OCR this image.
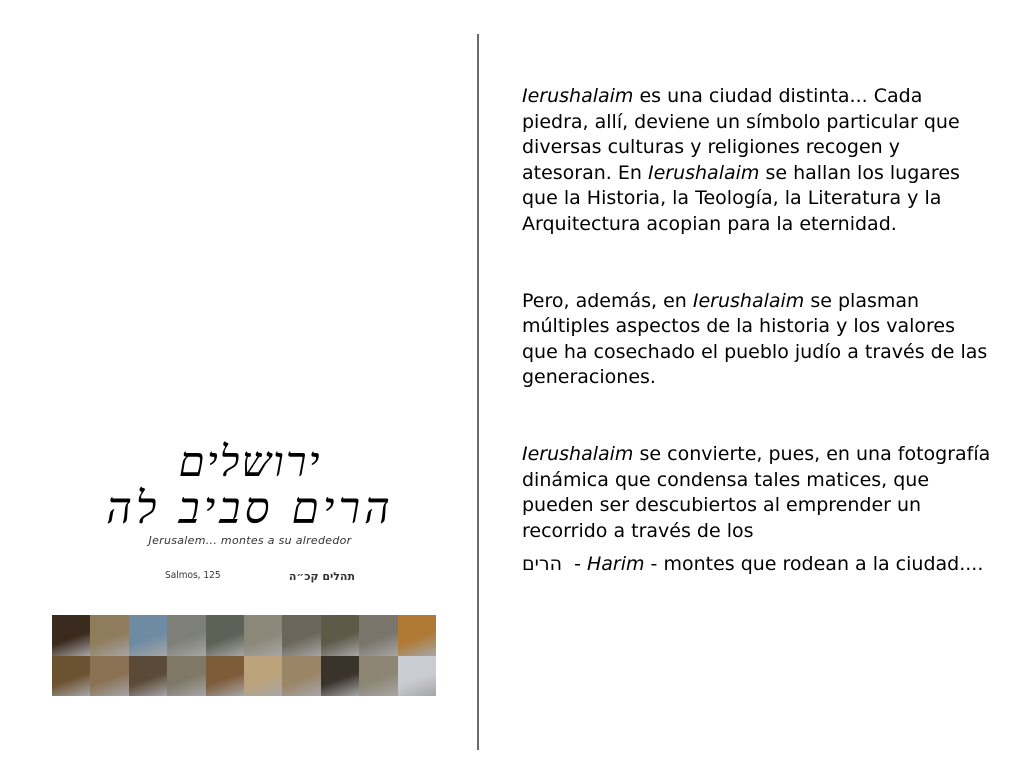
ירושלים
הרים סביב לה
Jerusalem... montes a su alrededor
Salmos, 125	תהלים קכ״ה

Ierushalaim es una ciudad distinta... Cada piedra, allí, deviene un símbolo particular que diversas culturas y religiones recogen y atesoran. En Ierushalaim se hallan los lugares que la Historia, la Teología, la Literatura y la Arquitectura acopian para la eternidad.

Pero, además, en Ierushalaim se plasman múltiples aspectos de la historia y los valores que ha cosechado el pueblo judío a través de las generaciones.

Ierushalaim se convierte, pues, en una fotografía dinámica que condensa tales matices, que pueden ser descubiertos al emprender un recorrido a través de los

הרים  - Harim - montes que rodean a la ciudad....
